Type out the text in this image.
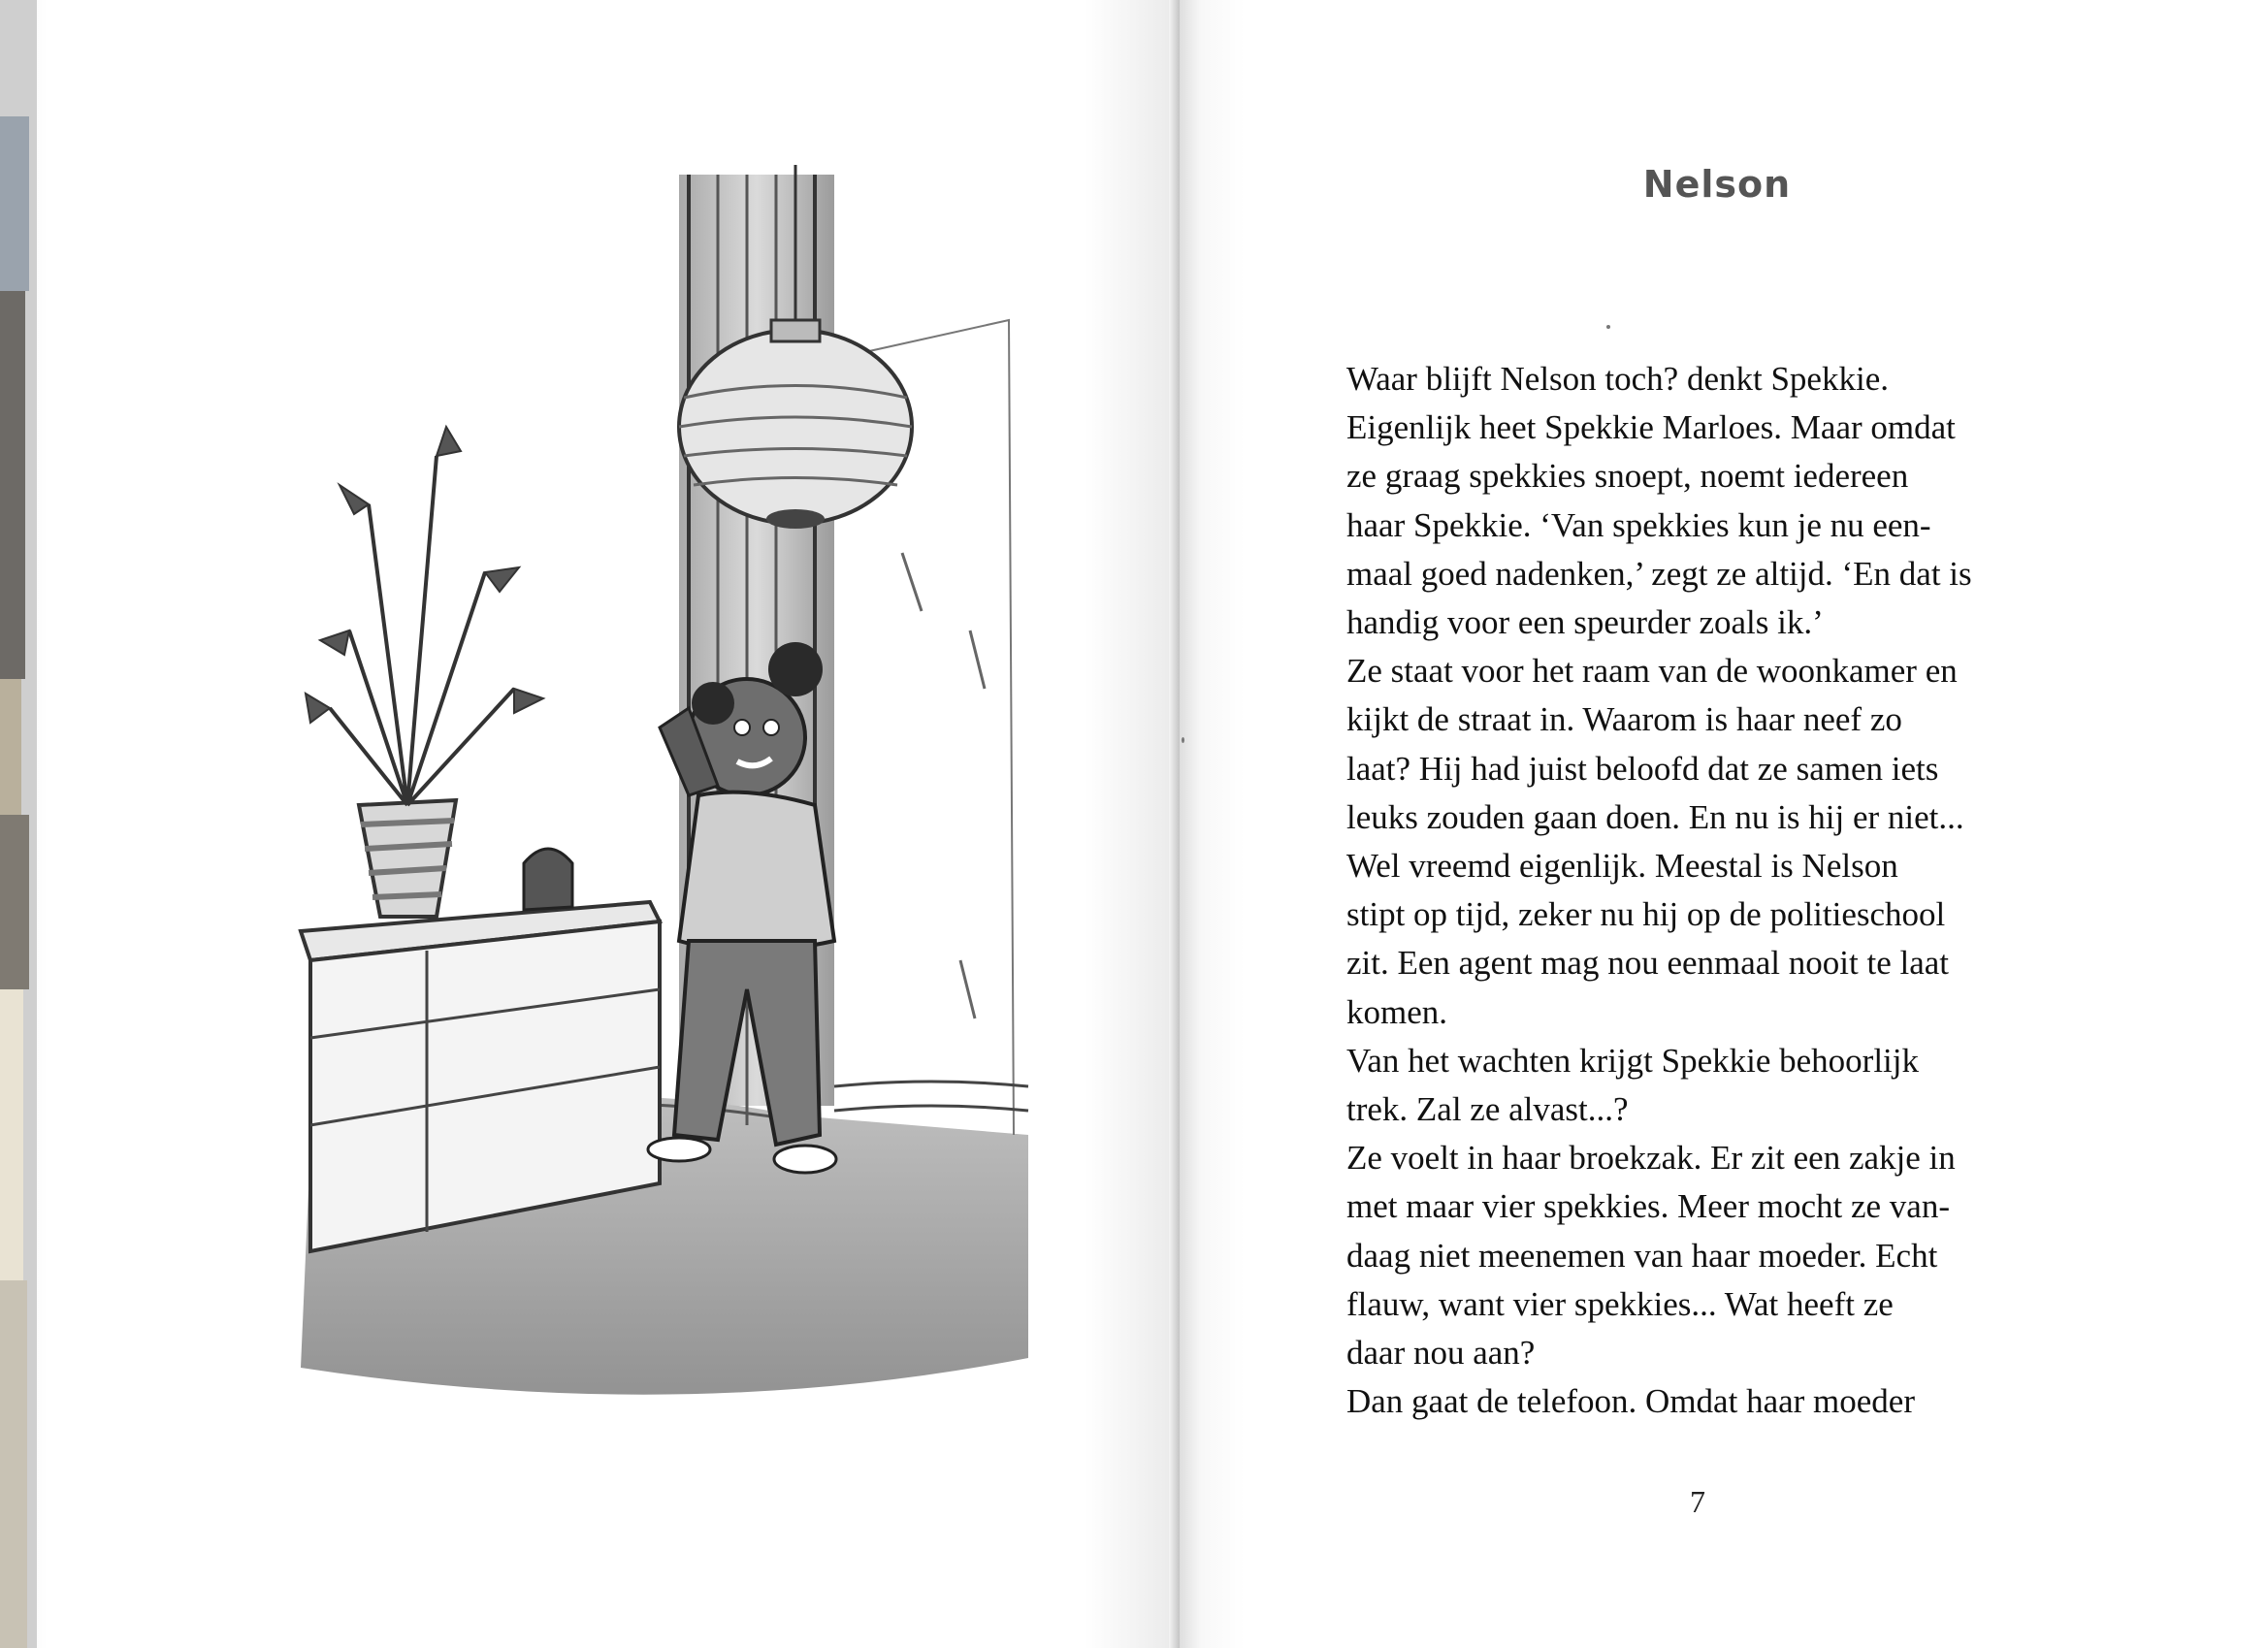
Nelson
Waar blijft Nelson toch? denkt Spekkie.
Eigenlijk heet Spekkie Marloes. Maar omdat
ze graag spekkies snoept, noemt iedereen
haar Spekkie. ‘Van spekkies kun je nu een-
maal goed nadenken,’ zegt ze altijd. ‘En dat is
handig voor een speurder zoals ik.’
Ze staat voor het raam van de woonkamer en
kijkt de straat in. Waarom is haar neef zo
laat? Hij had juist beloofd dat ze samen iets
leuks zouden gaan doen. En nu is hij er niet...
Wel vreemd eigenlijk. Meestal is Nelson
stipt op tijd, zeker nu hij op de politieschool
zit. Een agent mag nou eenmaal nooit te laat
komen.
Van het wachten krijgt Spekkie behoorlijk
trek. Zal ze alvast...?
Ze voelt in haar broekzak. Er zit een zakje in
met maar vier spekkies. Meer mocht ze van-
daag niet meenemen van haar moeder. Echt
flauw, want vier spekkies... Wat heeft ze
daar nou aan?
Dan gaat de telefoon. Omdat haar moeder
7
